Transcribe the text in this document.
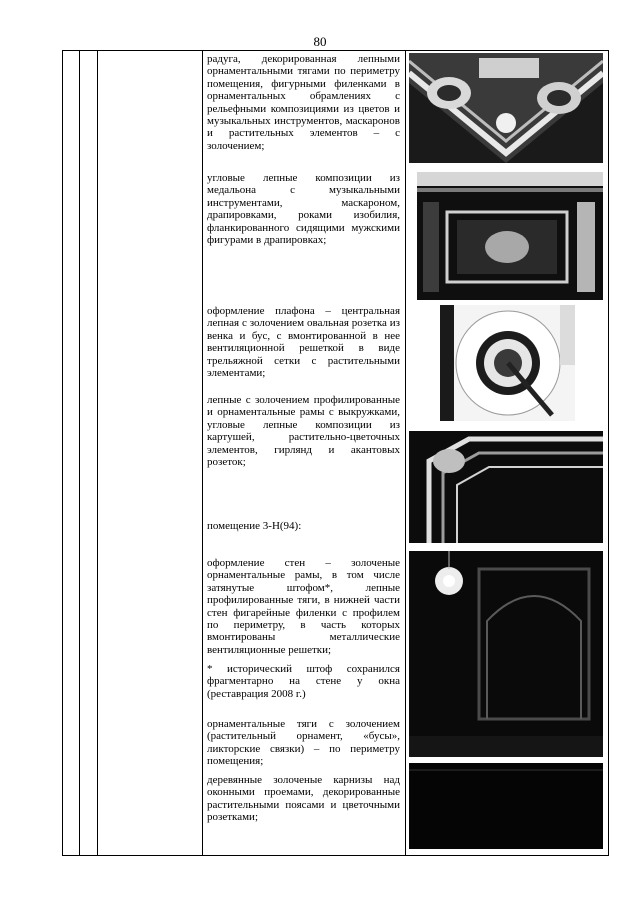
80

радуга, декорированная лепными орнаментальными тягами по периметру помещения, фигурными филенками в орнаментальных обрамлениях с рельефными композициями из цветов и музыкальных инструментов, маскаронов и растительных элементов – с золочением;

угловые лепные композиции из медальона с музыкальными инструментами, маскароном, драпировками, роками изобилия, фланкированного сидящими мужскими фигурами в драпировках;

оформление плафона – центральная лепная с золочением овальная розетка из венка и бус, с вмонтированной в нее вентиляционной решеткой в виде трельяжной сетки с растительными элементами;

лепные с золочением профилированные и орнаментальные рамы с выкружками, угловые лепные композиции из картушей, растительно-цветочных элементов, гирлянд и акантовых розеток;

помещение 3-Н(94):

оформление стен – золоченые орнаментальные рамы, в том числе затянутые штофом*, лепные профилированные тяги, в нижней части стен фигарейные филенки с профилем по периметру, в часть которых вмонтированы металлические вентиляционные решетки;

* исторический штоф сохранился фрагментарно на стене у окна (реставрация 2008 г.)

орнаментальные тяги с золочением (растительный орнамент, «бусы», ликторские связки) – по периметру помещения;

деревянные золоченые карнизы над оконными проемами, декорированные растительными поясами и цветочными розетками;
